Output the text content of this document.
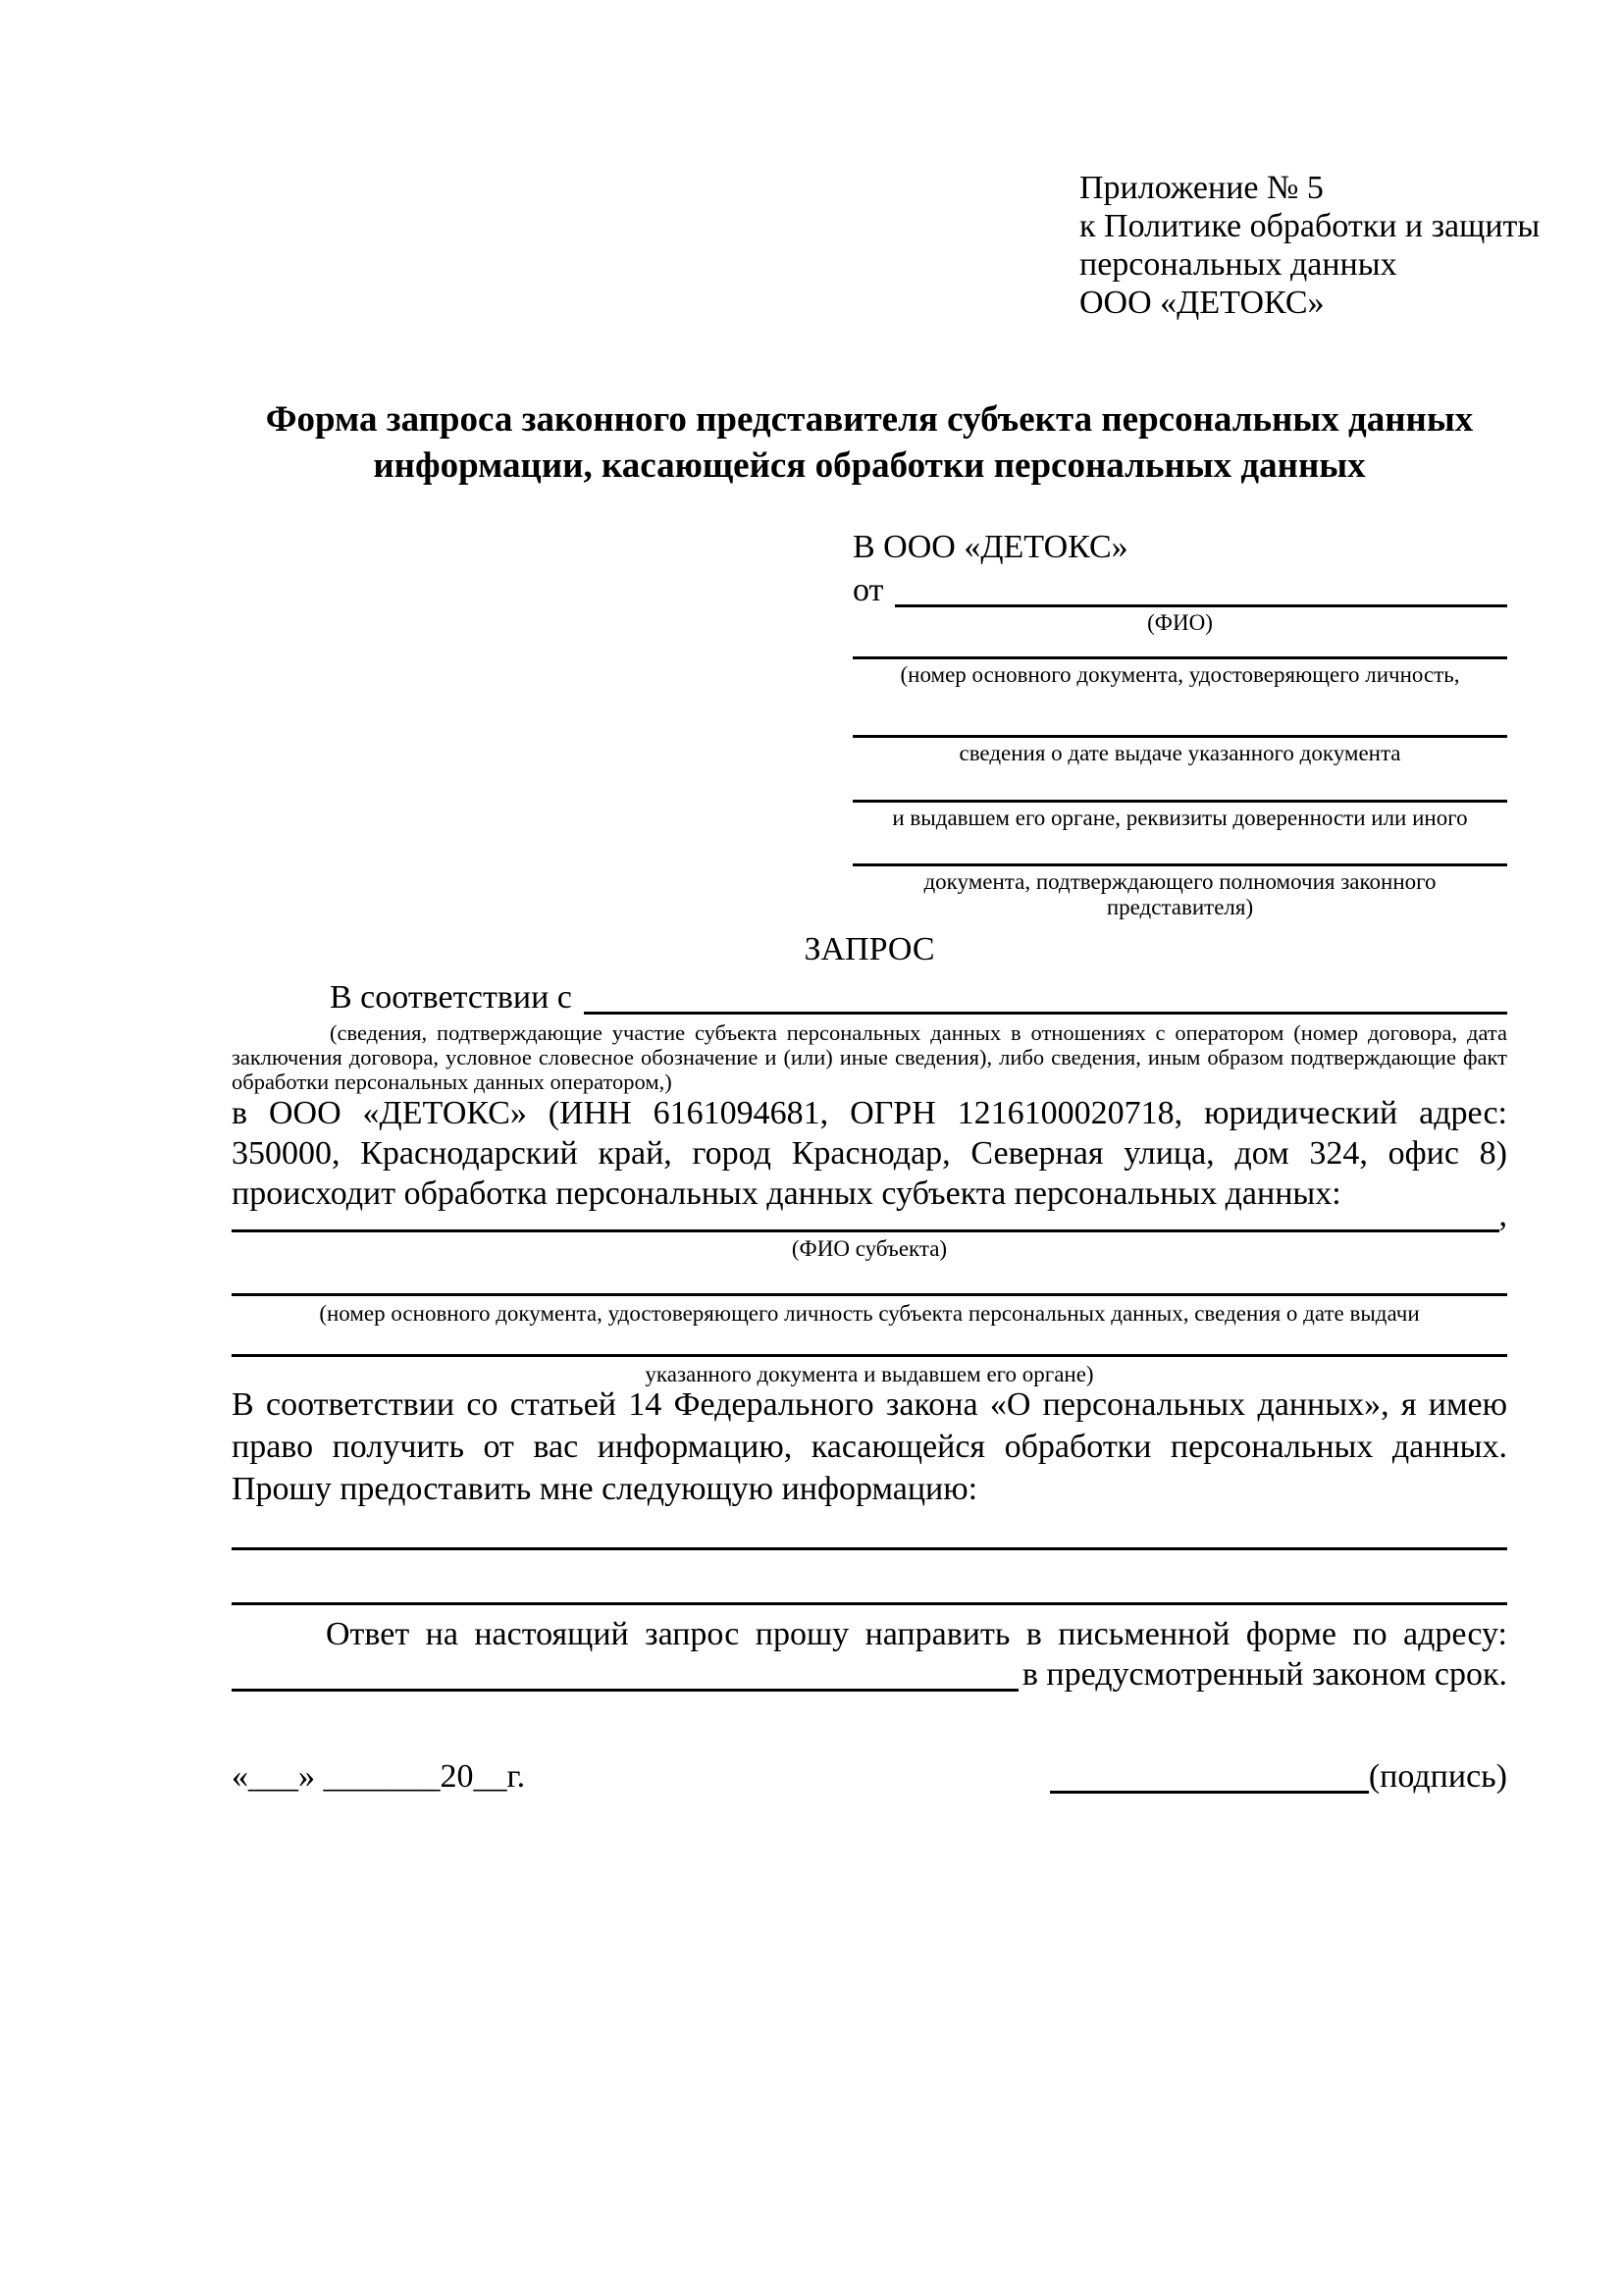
Приложение № 5
к Политике обработки и защиты
персональных данных
ООО «ДЕТОКС»
Форма запроса законного представителя субъекта персональных данных
информации, касающейся обработки персональных данных
В ООО «ДЕТОКС»
от
(ФИО)
(номер основного документа, удостоверяющего личность,
сведения о дате выдаче указанного документа
и выдавшем его органе, реквизиты доверенности или иного
документа, подтверждающего полномочия законного представителя)
ЗАПРОС
В соответствии с
(сведения, подтверждающие участие субъекта персональных данных в отношениях с оператором (номер договора, дата заключения договора, условное словесное обозначение и (или) иные сведения), либо сведения, иным образом подтверждающие факт обработки персональных данных оператором,)
в ООО «ДЕТОКС» (ИНН 6161094681, ОГРН 1216100020718, юридический адрес: 350000, Краснодарский край, город Краснодар, Северная улица, дом 324, офис 8) происходит обработка персональных данных субъекта персональных данных:
,
(ФИО субъекта)
(номер основного документа, удостоверяющего личность субъекта персональных данных, сведения о дате выдачи
указанного документа и выдавшем его органе)
В соответствии со статьей 14 Федерального закона «О персональных данных», я имею право получить от вас информацию, касающейся обработки персональных данных. Прошу предоставить мне следующую информацию:
Ответ на настоящий запрос прошу направить в письменной форме по адресу:
в предусмотренный законом срок.
«___» _______20__г.	(подпись)
